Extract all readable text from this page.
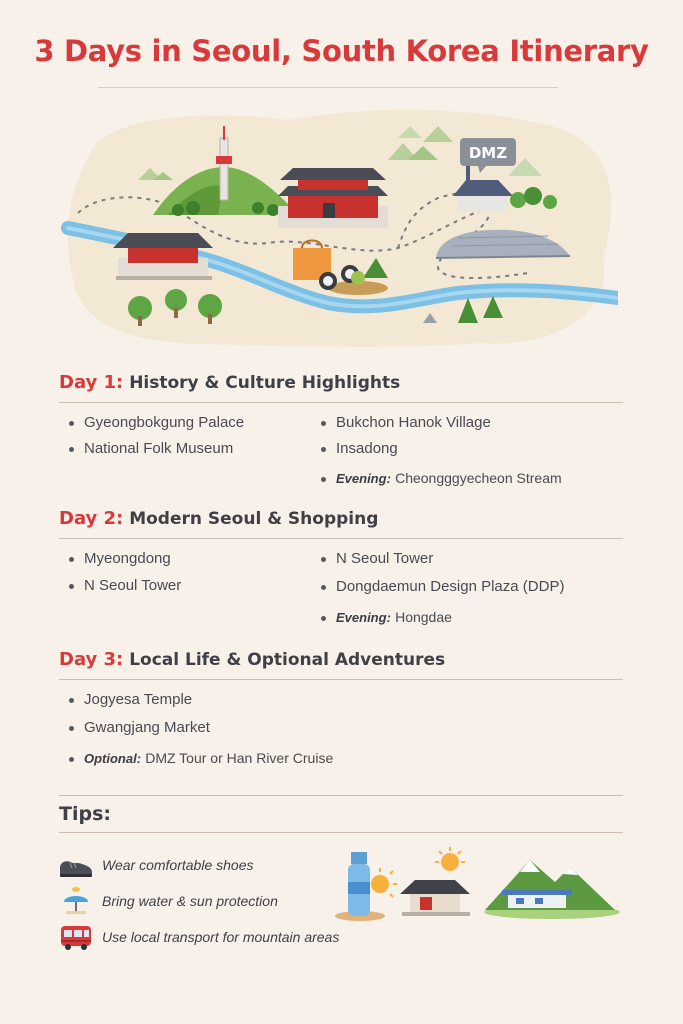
3 Days in Seoul, South Korea Itinerary
DMZ
Day 1: History & Culture Highlights
Gyeongbokgung Palace
National Folk Museum
Bukchon Hanok Village
Insadong
Evening: Cheongggyecheon Stream
Day 2: Modern Seoul & Shopping
Myeongdong
N Seoul Tower
N Seoul Tower
Dongdaemun Design Plaza (DDP)
Evening: Hongdae
Day 3: Local Life & Optional Adventures
Jogyesa Temple
Gwangjang Market
Optional: DMZ Tour or Han River Cruise
Tips:
Wear comfortable shoes
Bring water & sun protection
Use local transport for mountain areas
